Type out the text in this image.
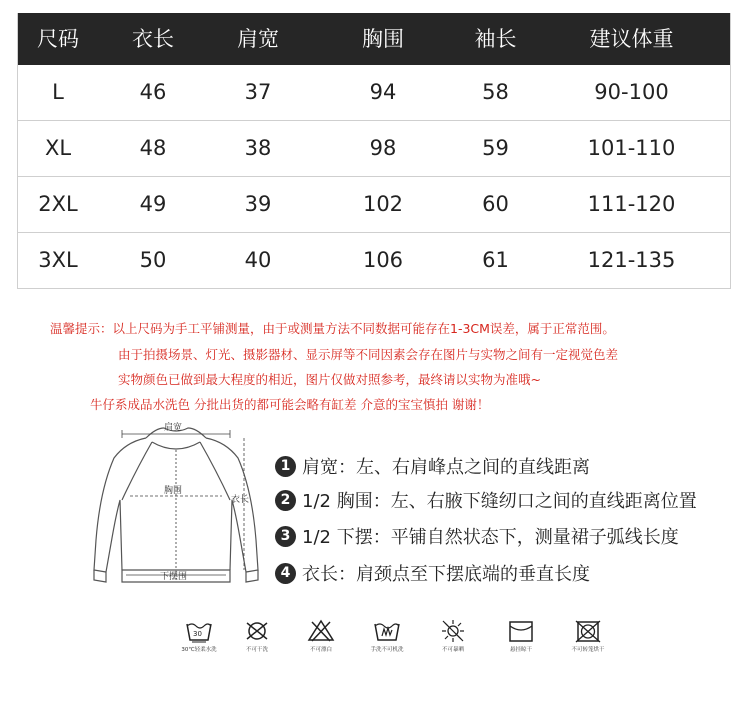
尺码	衣长	肩宽	胸围	袖长	建议体重
L	46	37	94	58	90-100
XL	48	38	98	59	101-110
2XL	49	39	102	60	111-120
3XL	50	40	106	61	121-135
温馨提示：以上尺码为手工平铺测量，由于或测量方法不同数据可能存在1-3CM误差，属于正常范围。
由于拍摄场景、灯光、摄影器材、显示屏等不同因素会存在图片与实物之间有一定视觉色差
实物颜色已做到最大程度的相近，图片仅做对照参考，最终请以实物为准哦~
牛仔系成品水洗色 分批出货的都可能会略有缸差 介意的宝宝慎拍 谢谢！
肩宽
胸围
衣长
下摆围
1 肩宽：左、右肩峰点之间的直线距离
2 1/2 胸围：左、右腋下缝纫口之间的直线距离位置
3 1/2 下摆：平铺自然状态下，测量裙子弧线长度
4 衣长：肩颈点至下摆底端的垂直长度
30
30℃轻柔水洗	不可干洗	不可漂白	手洗不可机洗	不可暴晒	悬挂晾干	不可转笼烘干
